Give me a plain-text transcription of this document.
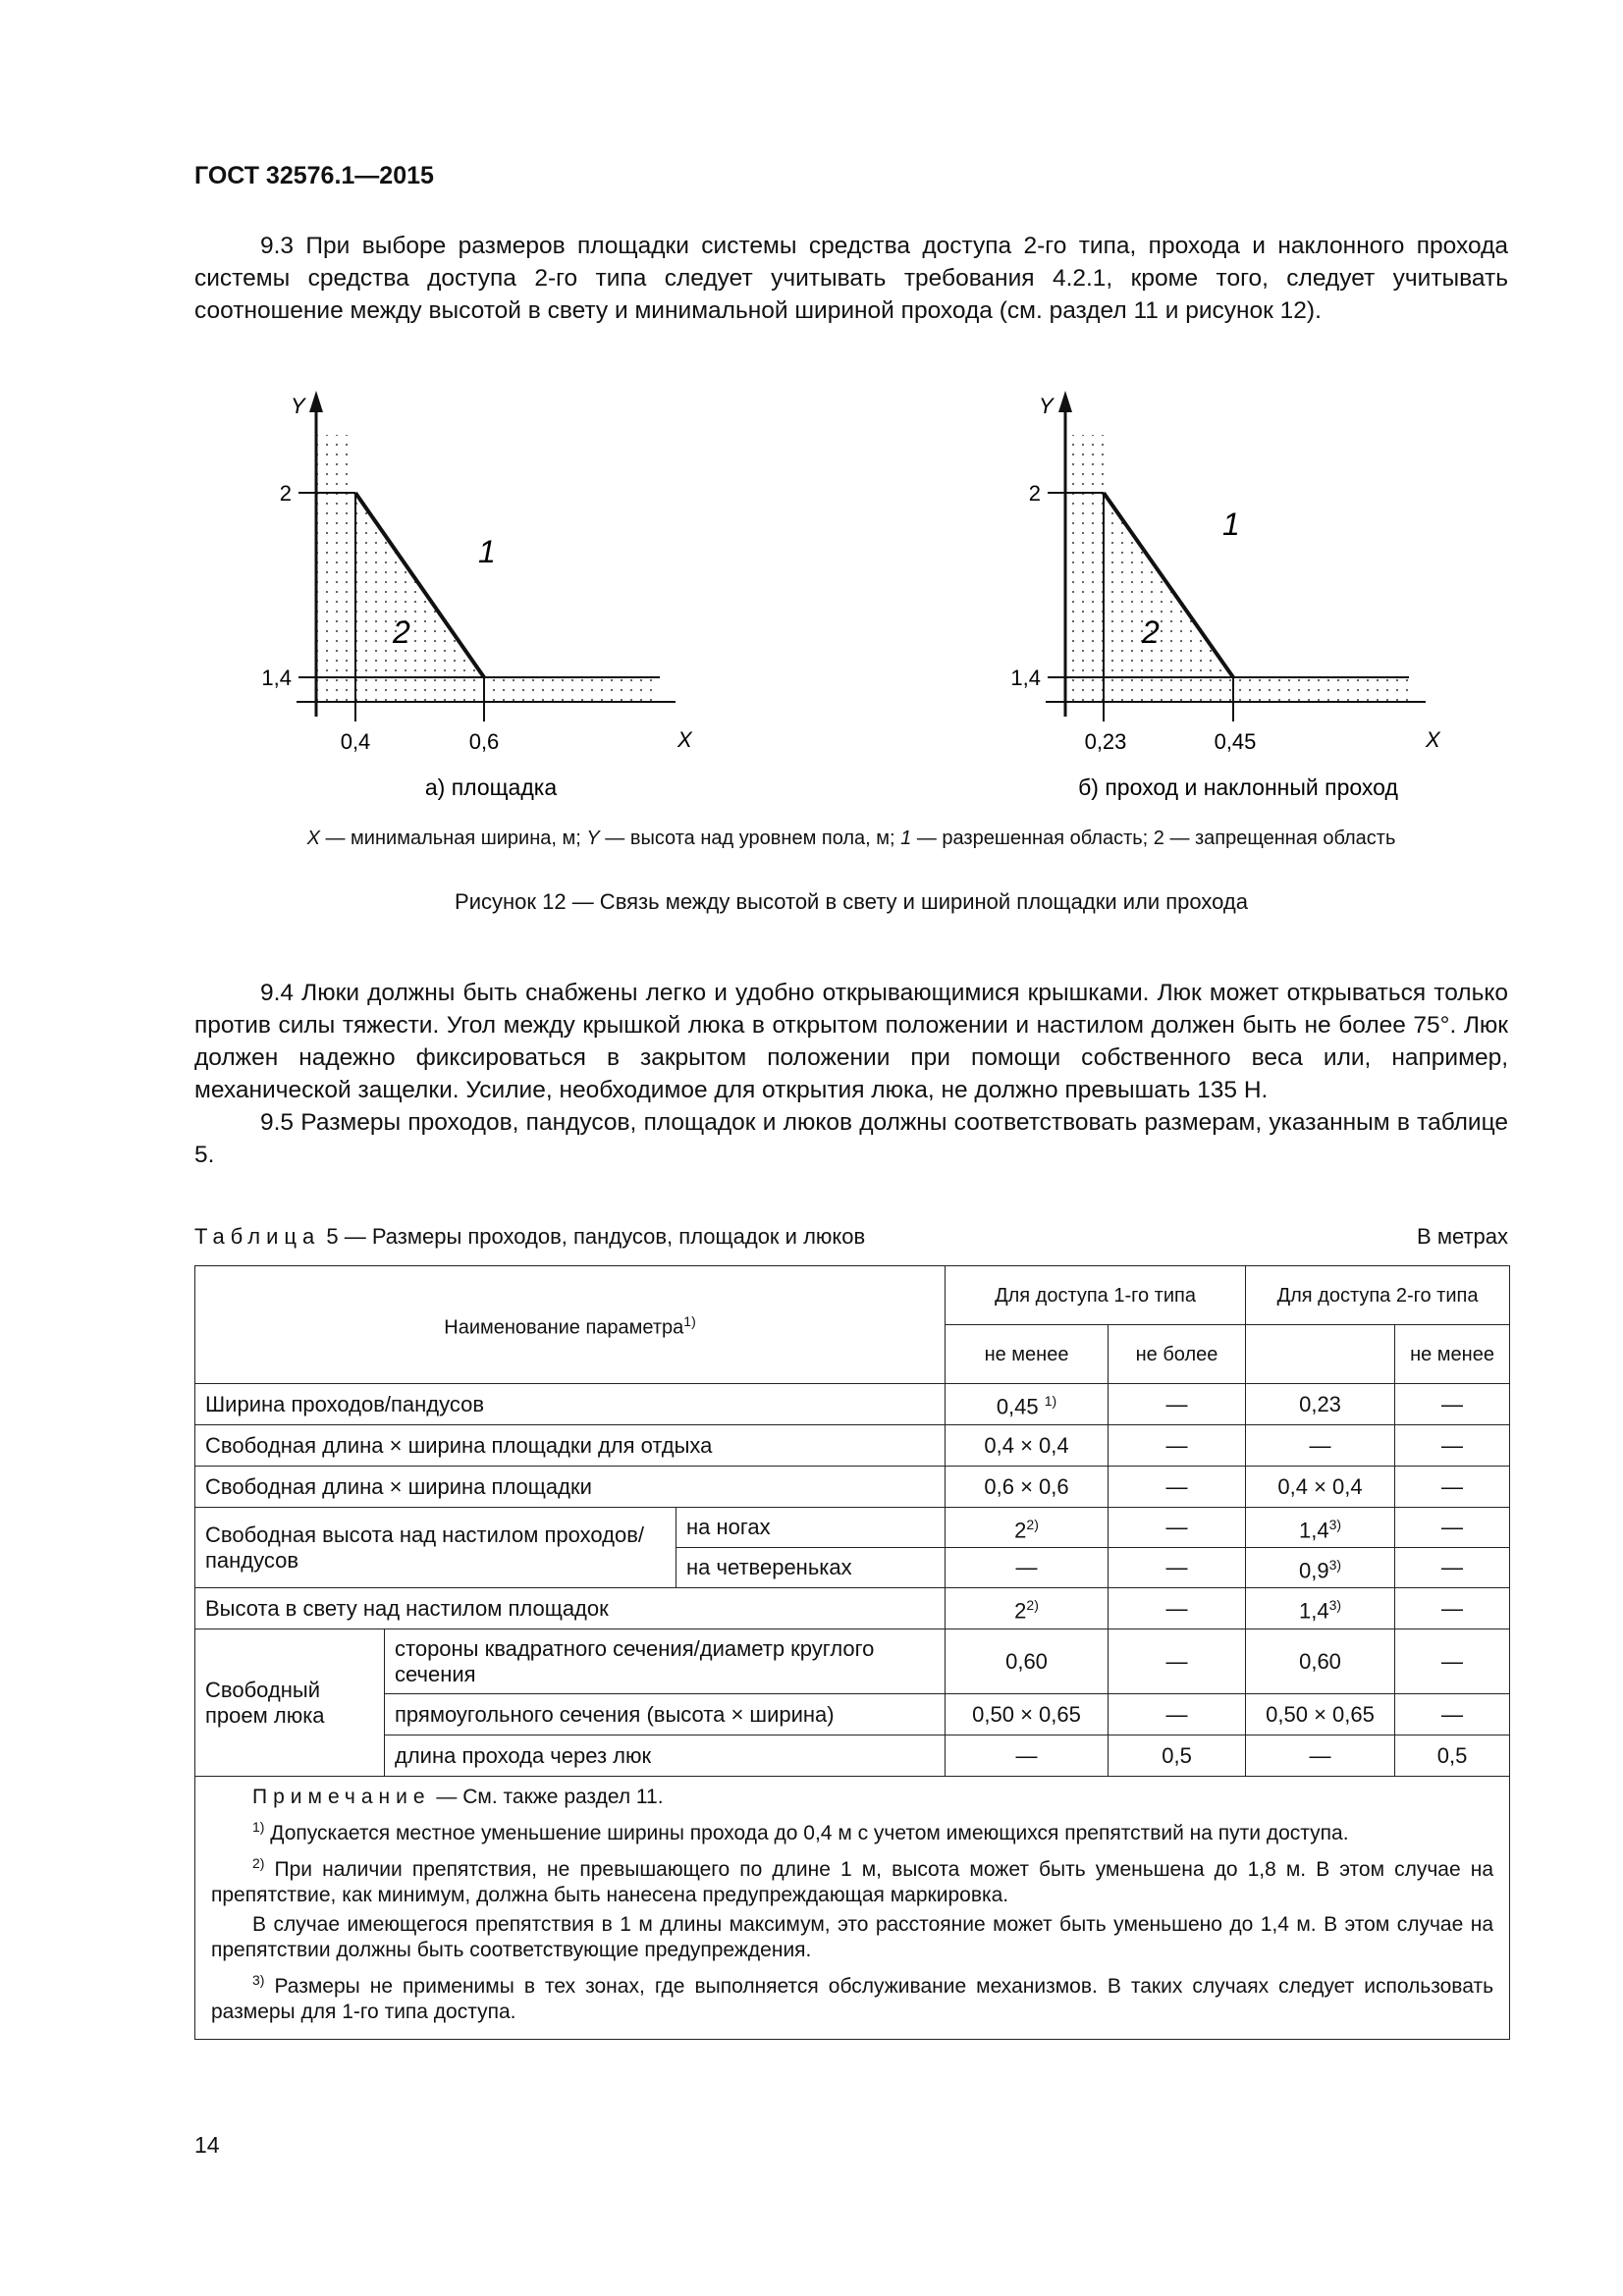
ГОСТ 32576.1—2015

9.3 При выборе размеров площадки системы средства доступа 2-го типа, прохода и наклонного прохода системы средства доступа 2-го типа следует учитывать требования 4.2.1, кроме того, следует учитывать соотношение между высотой в свету и минимальной шириной прохода (см. раздел 11 и рисунок 12).

Y
X
2
1,4
0,4	0,6
1
2
Y
X
2
1,4
0,23	0,45
1
2
а) площадка	б) проход и наклонный проход
X — минимальная ширина, м; Y — высота над уровнем пола, м; 1 — разрешенная область; 2 — запрещенная область
Рисунок 12 — Связь между высотой в свету и шириной площадки или прохода

9.4 Люки должны быть снабжены легко и удобно открывающимися крышками. Люк может открываться только против силы тяжести. Угол между крышкой люка в открытом положении и настилом должен быть не более 75°. Люк должен надежно фиксироваться в закрытом положении при помощи собственного веса или, например, механической защелки. Усилие, необходимое для открытия люка, не должно превышать 135 Н.

9.5 Размеры проходов, пандусов, площадок и люков должны соответствовать размерам, указанным в таблице 5.

Таблица 5 — Размеры проходов, пандусов, площадок и люков	В метрах
Наименование параметра$^{1)}$			Для доступа 1-го типа		Для доступа 2-го типа	
			не менее	не более		не менее
Ширина проходов/пандусов			0,45 $^{1)}$	—	0,23	—
Свободная длина × ширина площадки для отдыха			0,4 × 0,4	—	—	—
Свободная длина × ширина площадки			0,6 × 0,6	—	0,4 × 0,4	—
Свободная высота над настилом проходов/пандусов		на ногах	2$^{2)}$	—	1,4$^{3)}$	—
		на четвереньках	—	—	0,9$^{3)}$	—
Высота в свету над настилом площадок			2$^{2)}$	—	1,4$^{3)}$	—
Свободный проем люка	стороны квадратного сечения/диаметр круглого сечения		0,60	—	0,60	—
	прямоугольного сечения (высота × ширина)		0,50 × 0,65	—	0,50 × 0,65	—
	длина прохода через люк		—	0,5	—	0,5

Примечание — См. также раздел 11.

$^{1)}$ Допускается местное уменьшение ширины прохода до 0,4 м с учетом имеющихся препятствий на пути доступа.

$^{2)}$ При наличии препятствия, не превышающего по длине 1 м, высота может быть уменьшена до 1,8 м. В этом случае на препятствие, как минимум, должна быть нанесена предупреждающая маркировка.

В случае имеющегося препятствия в 1 м длины максимум, это расстояние может быть уменьшено до 1,4 м. В этом случае на препятствии должны быть соответствующие предупреждения.

$^{3)}$ Размеры не применимы в тех зонах, где выполняется обслуживание механизмов. В таких случаях следует использовать размеры для 1-го типа доступа.						

14
